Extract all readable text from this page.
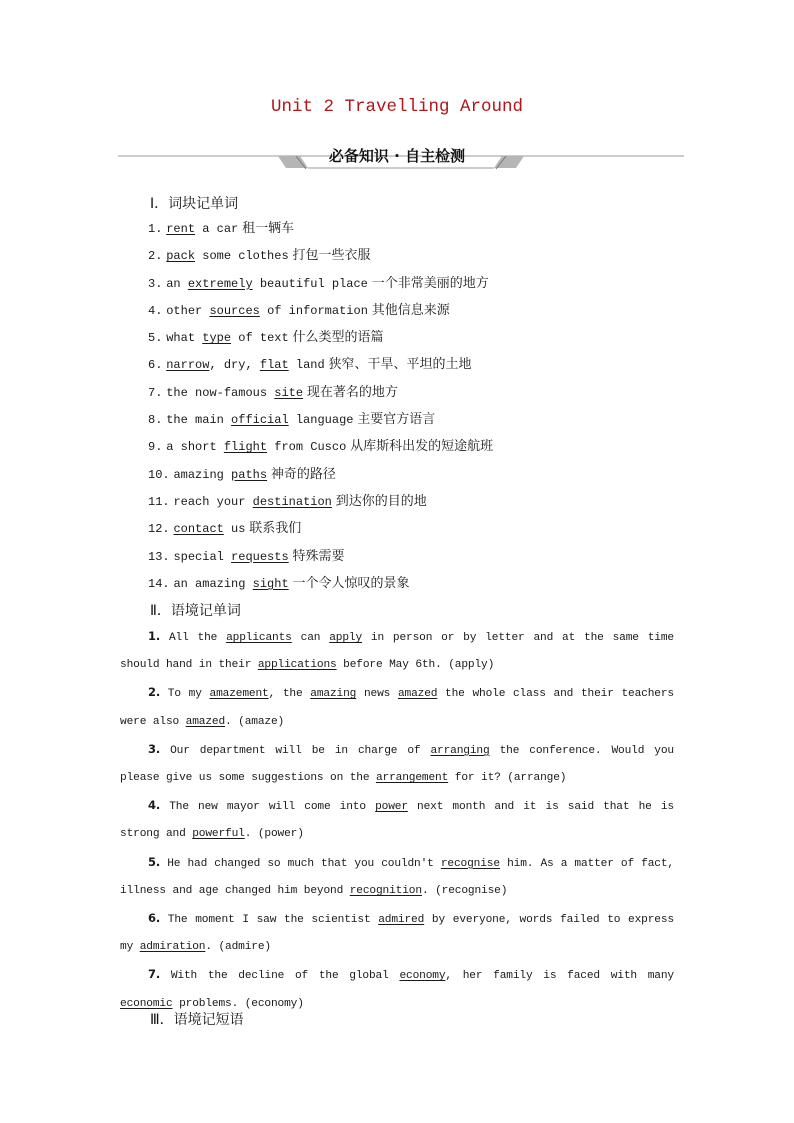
Unit 2 Travelling Around
必备知识 · 自主检测
Ⅰ．词块记单词
1. rent a car 租一辆车
2. pack some clothes 打包一些衣服
3. an extremely beautiful place 一个非常美丽的地方
4. other sources of information 其他信息来源
5. what type of text 什么类型的语篇
6. narrow, dry, flat land 狭窄、干旱、平坦的土地
7. the now-famous site 现在著名的地方
8. the main official language 主要官方语言
9. a short flight from Cusco 从库斯科出发的短途航班
10. amazing paths 神奇的路径
11. reach your destination 到达你的目的地
12. contact us 联系我们
13. special requests 特殊需要
14. an amazing sight 一个令人惊叹的景象
Ⅱ．语境记单词

1. All the applicants can apply in person or by letter and at the same time should hand in their applications before May 6th. (apply)

2. To my amazement, the amazing news amazed the whole class and their teachers were also amazed. (amaze)

3. Our department will be in charge of arranging the conference. Would you please give us some suggestions on the arrangement for it? (arrange)

4. The new mayor will come into power next month and it is said that he is strong and powerful. (power)

5. He had changed so much that you couldn't recognise him. As a matter of fact, illness and age changed him beyond recognition. (recognise)

6. The moment I saw the scientist admired by everyone, words failed to express my admiration. (admire)

7. With the decline of the global economy, her family is faced with many economic problems. (economy)

Ⅲ．语境记短语
